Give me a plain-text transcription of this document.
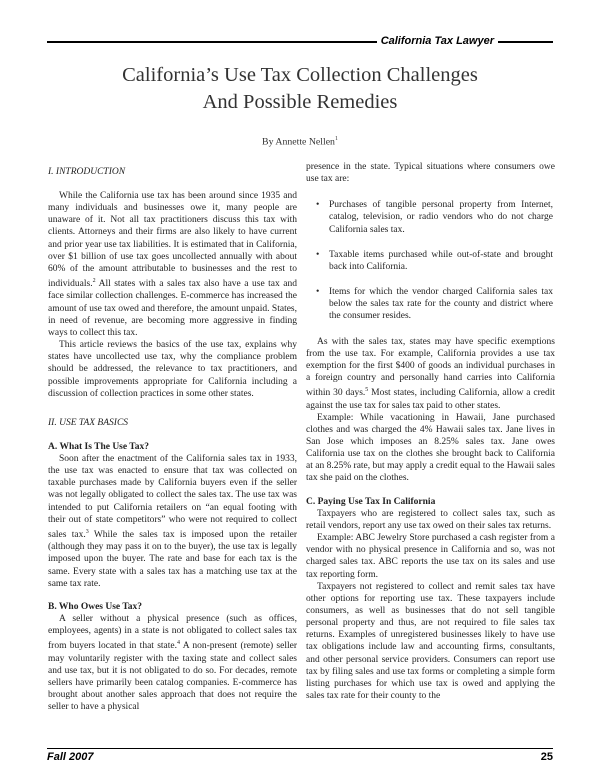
California Tax Lawyer
California’s Use Tax Collection Challenges
And Possible Remedies
By Annette Nellen$^1$
I. INTRODUCTION

While the California use tax has been around since 1935 and many individuals and businesses owe it, many people are unaware of it. Not all tax practitioners discuss this tax with clients. Attorneys and their firms are also likely to have current and prior year use tax liabilities. It is estimated that in California, over $1 billion of use tax goes uncollected annually with about 60% of the amount attributable to businesses and the rest to individuals.$^2$ All states with a sales tax also have a use tax and face similar collection challenges. E-commerce has increased the amount of use tax owed and therefore, the amount unpaid. States, in need of revenue, are becoming more aggressive in finding ways to collect this tax.

This article reviews the basics of the use tax, explains why states have uncollected use tax, why the compliance problem should be addressed, the relevance to tax practitioners, and possible improvements appropriate for California including a discussion of collection practices in some other states.

II. USE TAX BASICS
A. What Is The Use Tax?

Soon after the enactment of the California sales tax in 1933, the use tax was enacted to ensure that tax was collected on taxable purchases made by California buyers even if the seller was not legally obligated to collect the sales tax. The use tax was intended to put California retailers on “an equal footing with their out of state competitors” who were not required to collect sales tax.$^3$ While the sales tax is imposed upon the retailer (although they may pass it on to the buyer), the use tax is legally imposed upon the buyer. The rate and base for each tax is the same. Every state with a sales tax has a matching use tax at the same tax rate.

B. Who Owes Use Tax?

A seller without a physical presence (such as offices, employees, agents) in a state is not obligated to collect sales tax from buyers located in that state.$^4$ A non-present (remote) seller may voluntarily register with the taxing state and collect sales and use tax, but it is not obligated to do so. For decades, remote sellers have primarily been catalog companies. E-commerce has brought about another sales approach that does not require the seller to have a physical

presence in the state. Typical situations where consumers owe use tax are:

• Purchases of tangible personal property from Internet, catalog, television, or radio vendors who do not charge California sales tax.
• Taxable items purchased while out-of-state and brought back into California.
• Items for which the vendor charged California sales tax below the sales tax rate for the county and district where the consumer resides.

As with the sales tax, states may have specific exemptions from the use tax. For example, California provides a use tax exemption for the first $400 of goods an individual purchases in a foreign country and personally hand carries into California within 30 days.$^5$ Most states, including California, allow a credit against the use tax for sales tax paid to other states.

Example: While vacationing in Hawaii, Jane purchased clothes and was charged the 4% Hawaii sales tax. Jane lives in San Jose which imposes an 8.25% sales tax. Jane owes California use tax on the clothes she brought back to California at an 8.25% rate, but may apply a credit equal to the Hawaii sales tax she paid on the clothes.

C. Paying Use Tax In California

Taxpayers who are registered to collect sales tax, such as retail vendors, report any use tax owed on their sales tax returns.

Example: ABC Jewelry Store purchased a cash register from a vendor with no physical presence in California and so, was not charged sales tax. ABC reports the use tax on its sales and use tax reporting form.

Taxpayers not registered to collect and remit sales tax have other options for reporting use tax. These taxpayers include consumers, as well as businesses that do not sell tangible personal property and thus, are not required to file sales tax returns. Examples of unregistered businesses likely to have use tax obligations include law and accounting firms, consultants, and other personal service providers. Consumers can report use tax by filing sales and use tax forms or completing a simple form listing purchases for which use tax is owed and applying the sales tax rate for their county to the

Fall 2007	25
